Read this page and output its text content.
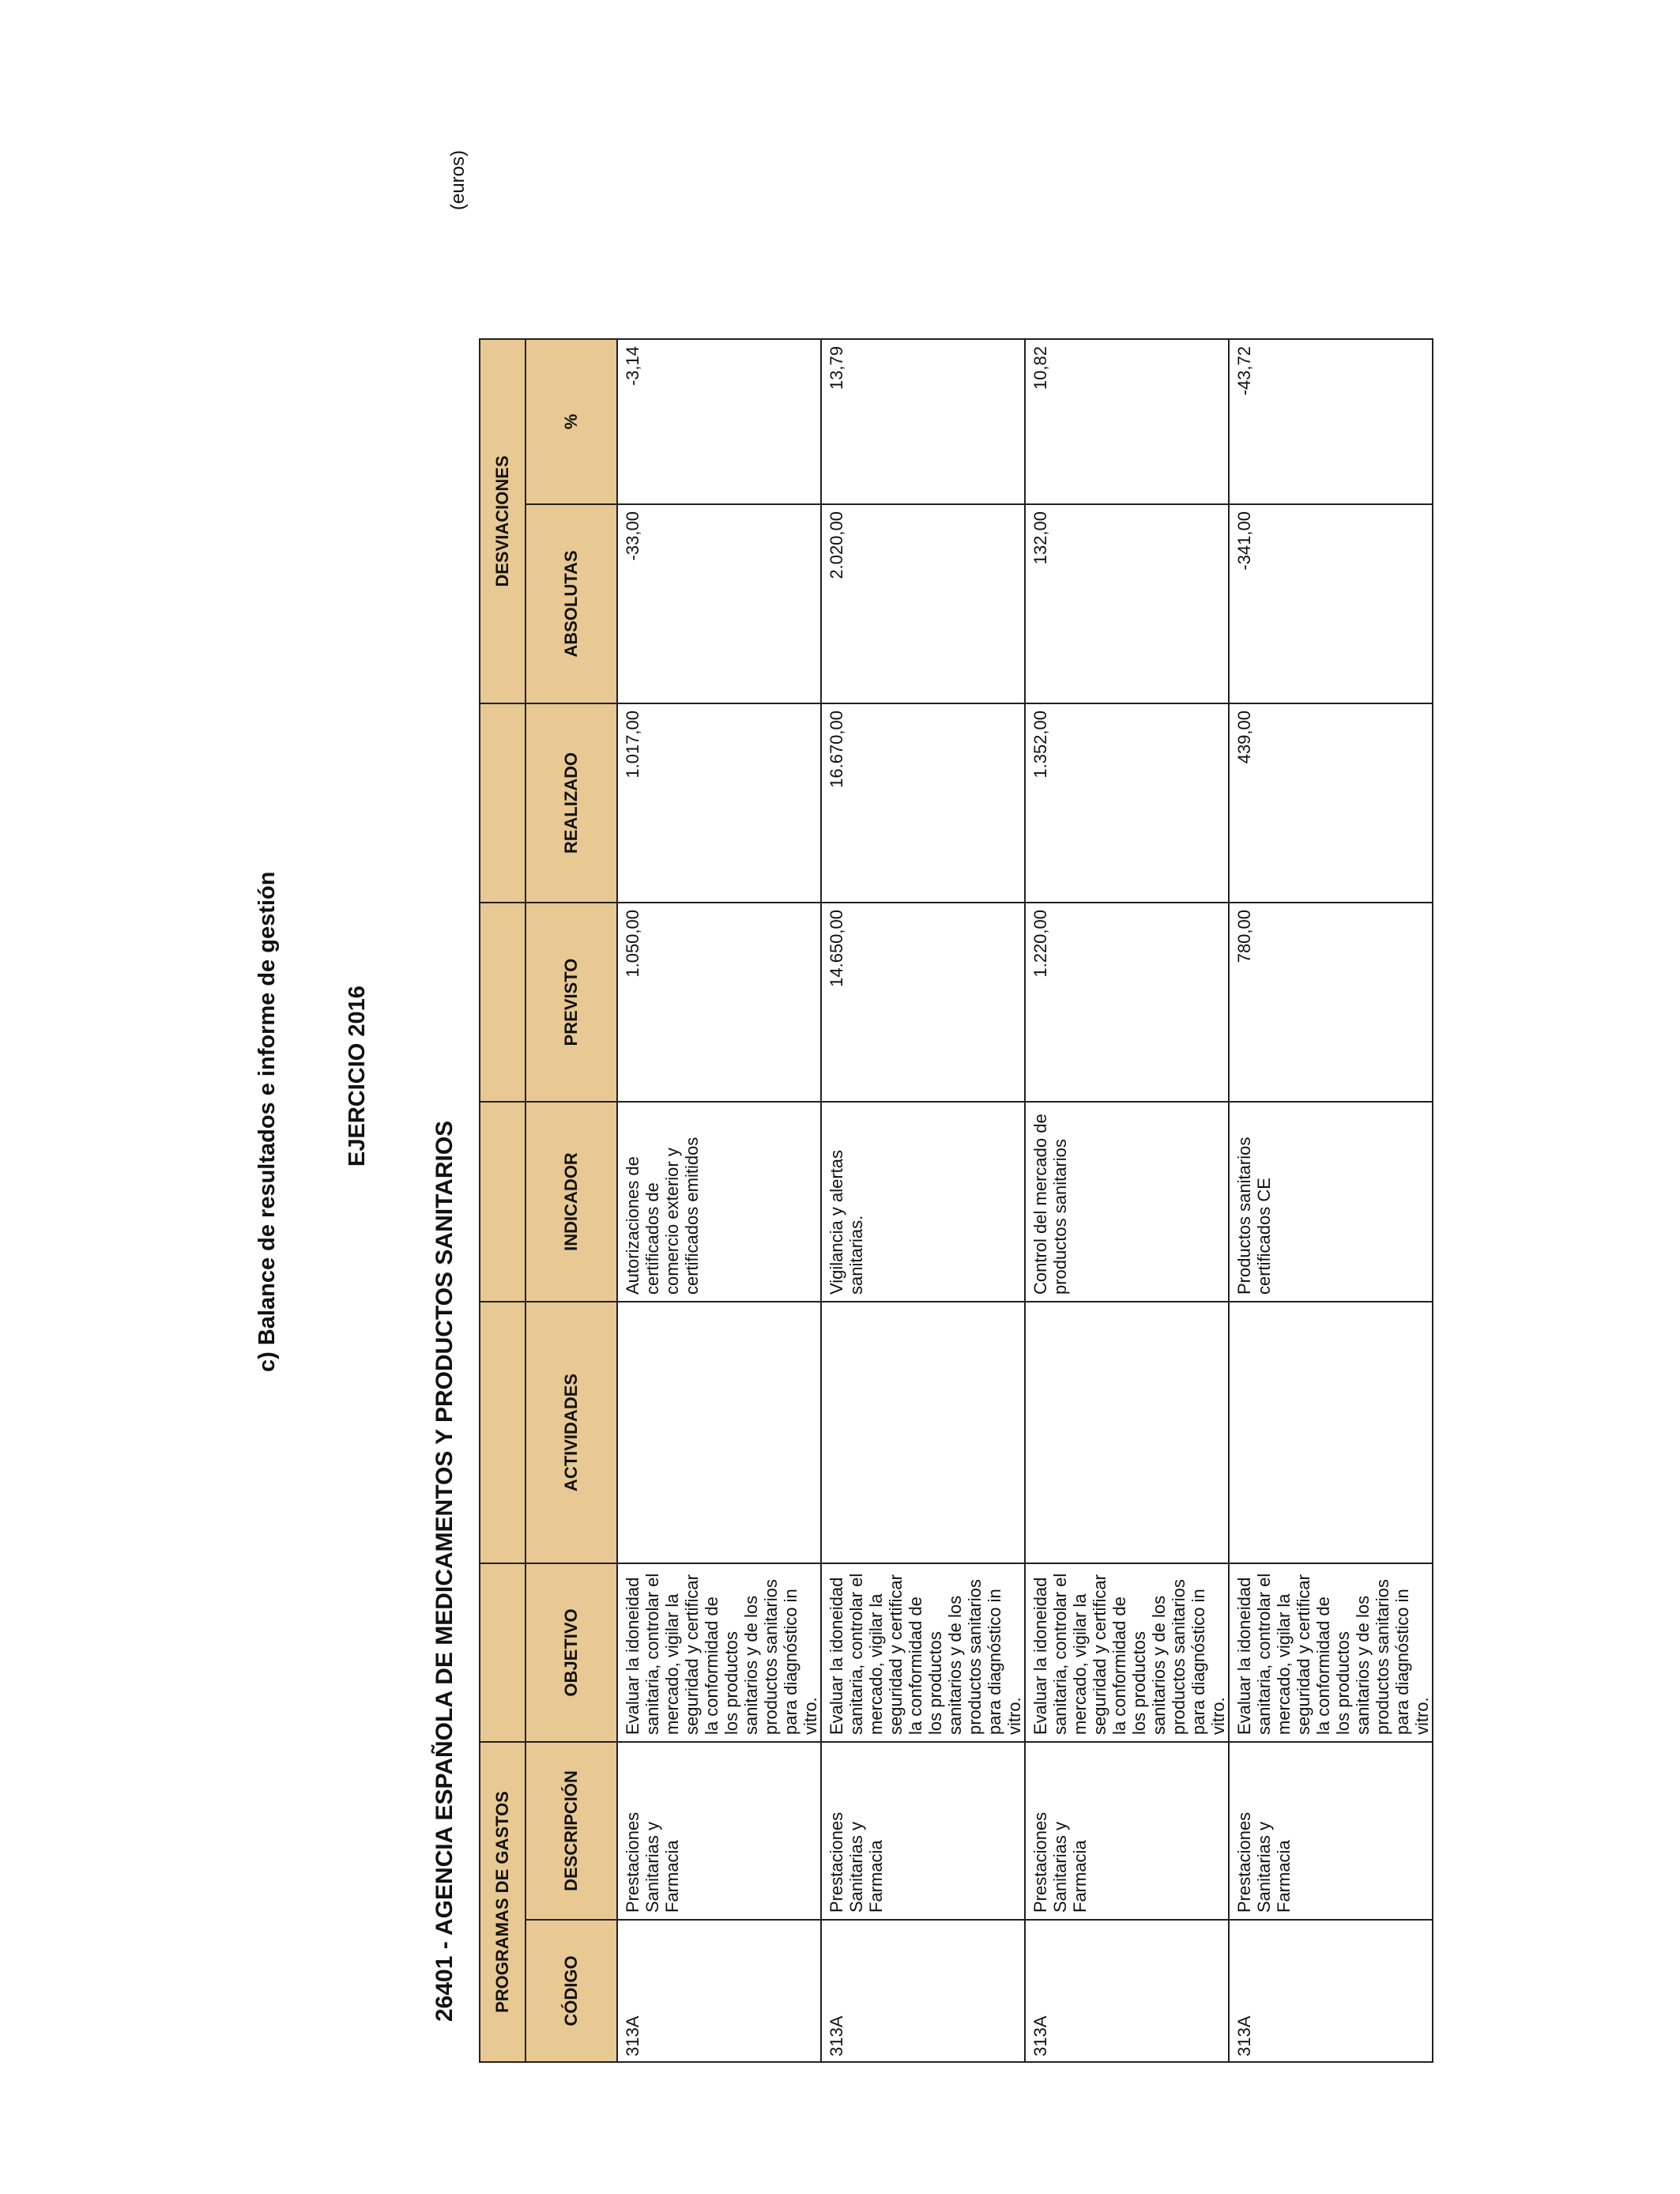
c) Balance de resultados e informe de gestión	EJERCICIO 2016
26401 - AGENCIA ESPAÑOLA DE MEDICAMENTOS Y PRODUCTOS SANITARIOS
(euros)
PROGRAMAS DE GASTOS							DESVIACIONES	
CÓDIGO	DESCRIPCIÓN	OBJETIVO	ACTIVIDADES	INDICADOR	PREVISTO	REALIZADO	ABSOLUTAS	%

313A	Prestaciones Sanitarias y Farmacia	Evaluar la idoneidad sanitaria, controlar el mercado, vigilar la seguridad y certificar la conformidad de los productos sanitarios y de los productos sanitarios para diagnóstico in vitro.		Autorizaciones de certificados de comercio exterior y certificados emitidos	1.050,00	1.017,00	-33,00	-3,14

313A	Prestaciones Sanitarias y Farmacia	Evaluar la idoneidad sanitaria, controlar el mercado, vigilar la seguridad y certificar la conformidad de los productos sanitarios y de los productos sanitarios para diagnóstico in vitro.		Vigilancia y alertas sanitarias.	14.650,00	16.670,00	2.020,00	13,79

313A	Prestaciones Sanitarias y Farmacia	Evaluar la idoneidad sanitaria, controlar el mercado, vigilar la seguridad y certificar la conformidad de los productos sanitarios y de los productos sanitarios para diagnóstico in vitro.		Control del mercado de productos sanitarios	1.220,00	1.352,00	132,00	10,82

313A	Prestaciones Sanitarias y Farmacia	Evaluar la idoneidad sanitaria, controlar el mercado, vigilar la seguridad y certificar la conformidad de los productos sanitarios y de los productos sanitarios para diagnóstico in vitro.		Productos sanitarios certificados CE	780,00	439,00	-341,00	-43,72
